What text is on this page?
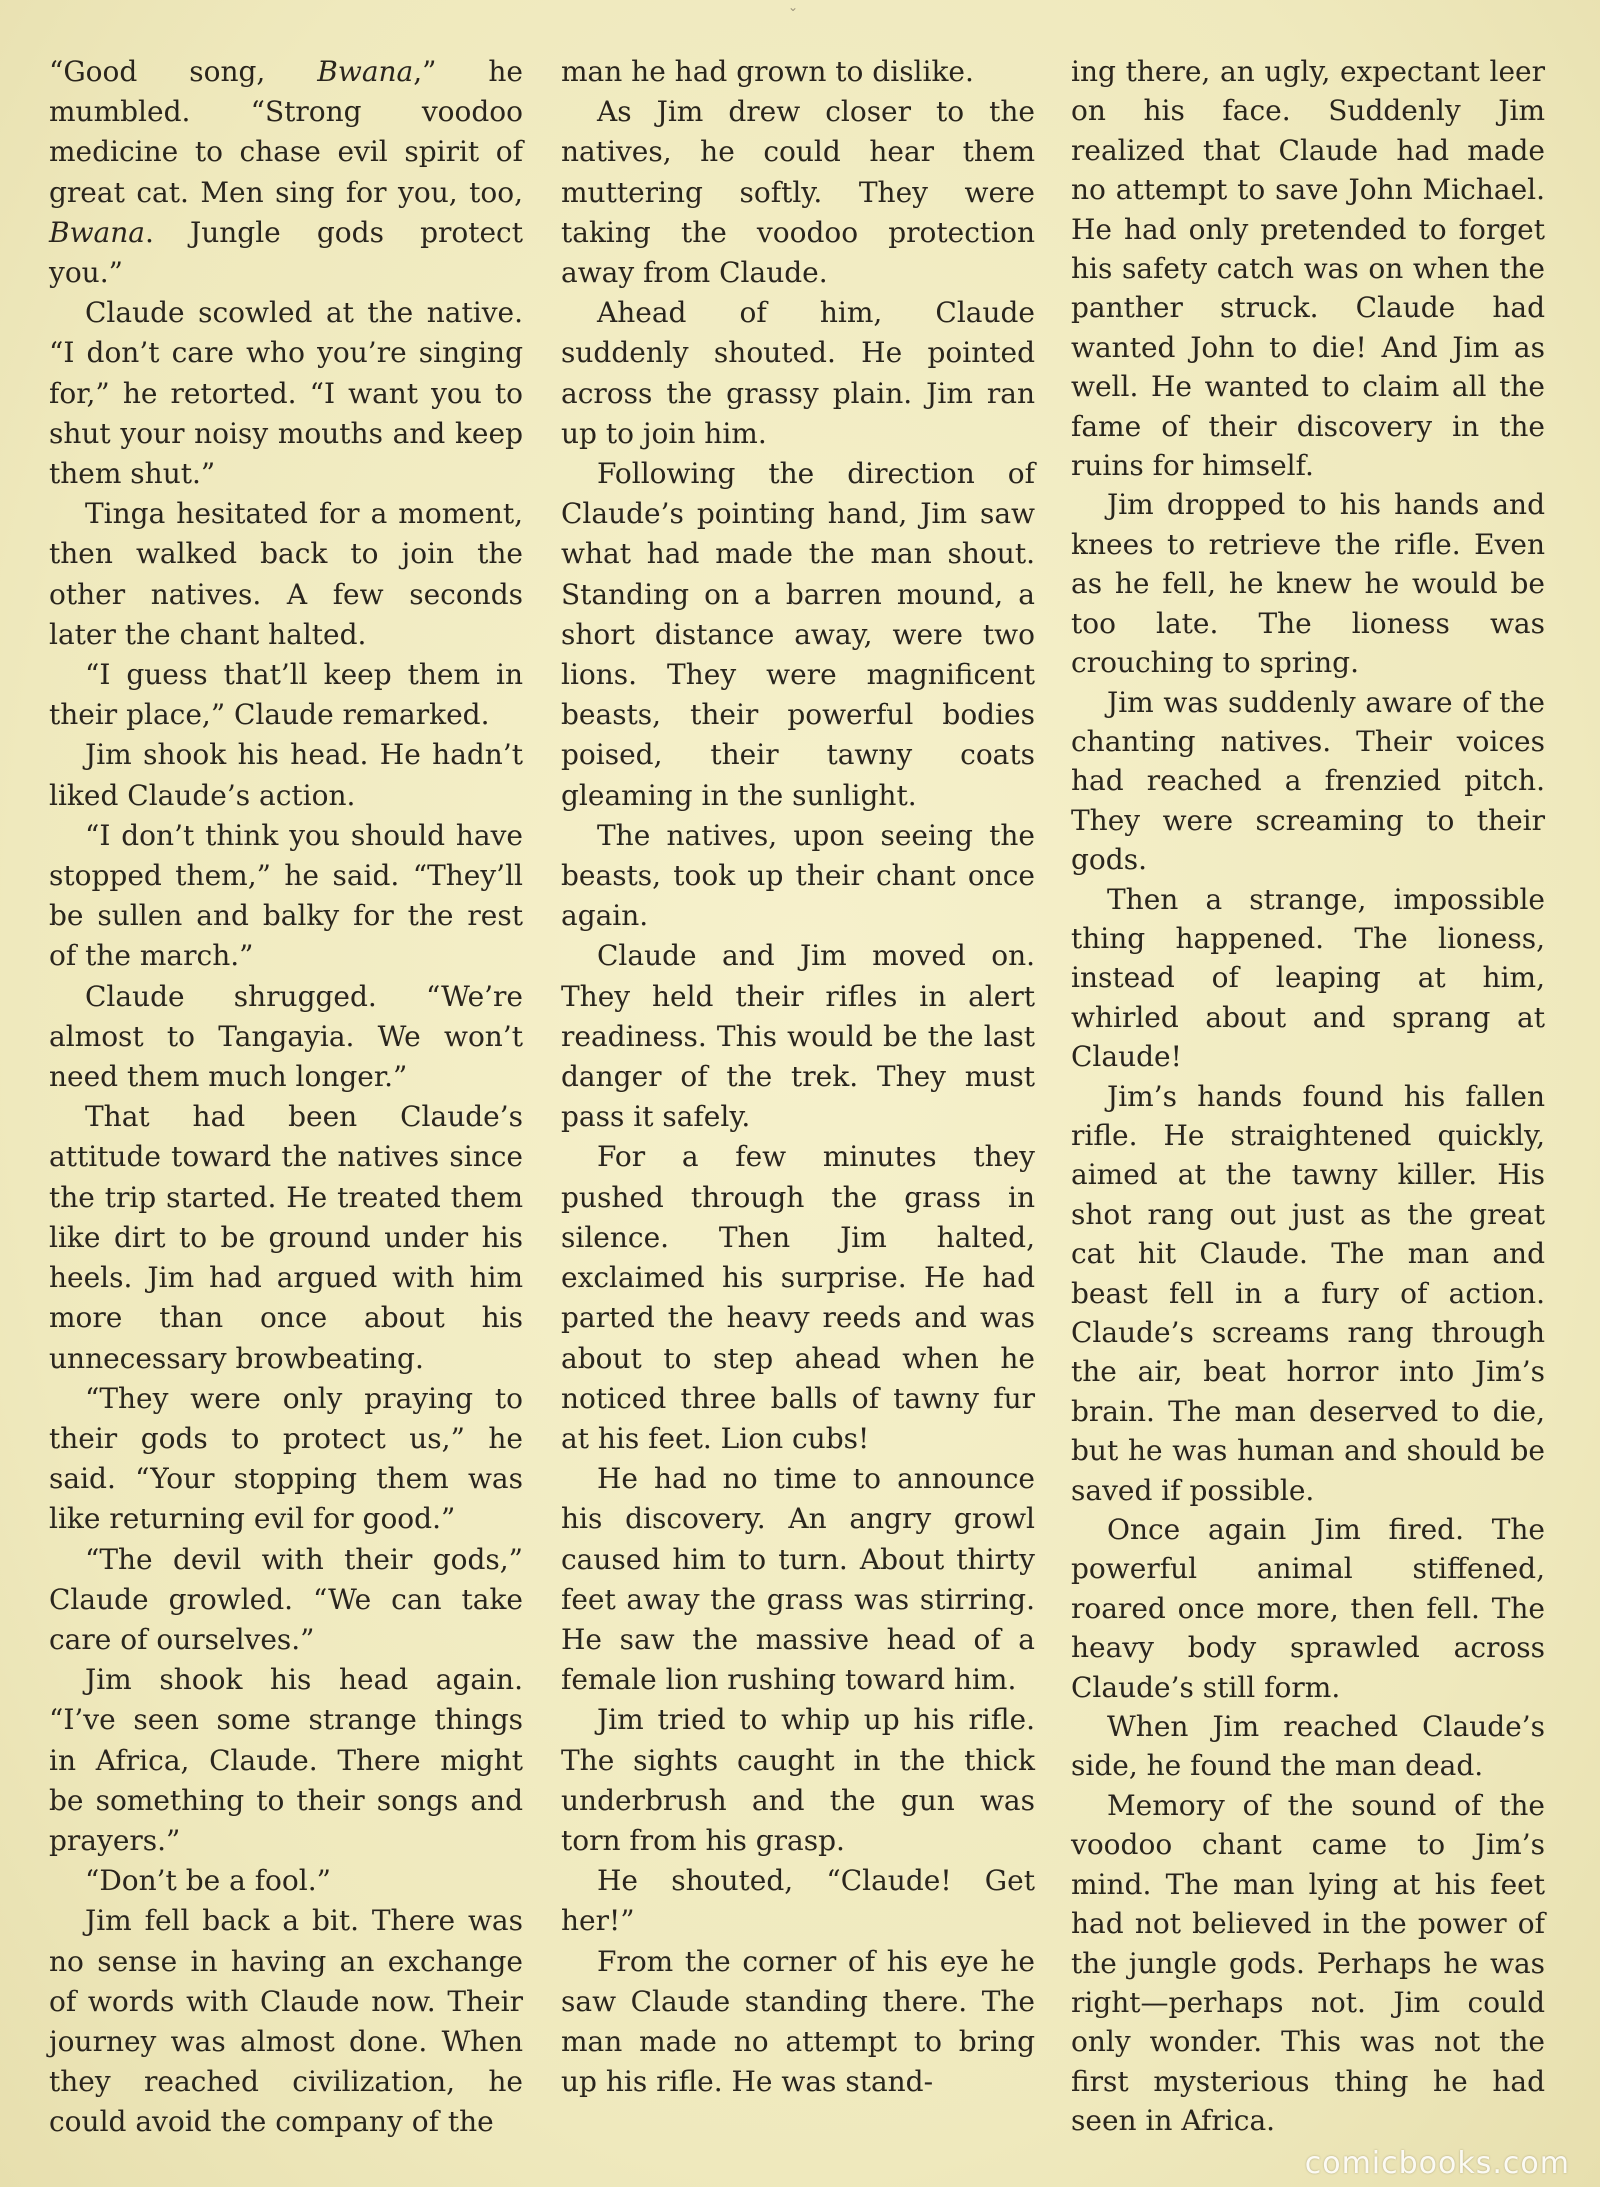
⌄

“Good song, Bwana,” he mumbled. “Strong voodoo medicine to chase evil spirit of great cat. Men sing for you, too, Bwana. Jungle gods protect you.”

Claude scowled at the native. “I don’t care who you’re singing for,” he retorted. “I want you to shut your noisy mouths and keep them shut.”

Tinga hesitated for a moment, then walked back to join the other natives. A few seconds later the chant halted.

“I guess that’ll keep them in their place,” Claude remarked.

Jim shook his head. He hadn’t liked Claude’s action.

“I don’t think you should have stopped them,” he said. “They’ll be sullen and balky for the rest of the march.”

Claude shrugged. “We’re almost to Tangayia. We won’t need them much longer.”

That had been Claude’s attitude toward the natives since the trip started. He treated them like dirt to be ground under his heels. Jim had argued with him more than once about his unnecessary browbeating.

“They were only praying to their gods to protect us,” he said. “Your stopping them was like returning evil for good.”

“The devil with their gods,” Claude growled. “We can take care of ourselves.”

Jim shook his head again. “I’ve seen some strange things in Africa, Claude. There might be something to their songs and prayers.”

“Don’t be a fool.”

Jim fell back a bit. There was no sense in having an exchange of words with Claude now. Their journey was almost done. When they reached civilization, he could avoid the company of the

man he had grown to dislike.

As Jim drew closer to the natives, he could hear them muttering softly. They were taking the voodoo protection away from Claude.

Ahead of him, Claude suddenly shouted. He pointed across the grassy plain. Jim ran up to join him.

Following the direction of Claude’s pointing hand, Jim saw what had made the man shout. Standing on a barren mound, a short distance away, were two lions. They were magnificent beasts, their powerful bodies poised, their tawny coats gleaming in the sunlight.

The natives, upon seeing the beasts, took up their chant once again.

Claude and Jim moved on. They held their rifles in alert readiness. This would be the last danger of the trek. They must pass it safely.

For a few minutes they pushed through the grass in silence. Then Jim halted, exclaimed his surprise. He had parted the heavy reeds and was about to step ahead when he noticed three balls of tawny fur at his feet. Lion cubs!

He had no time to announce his discovery. An angry growl caused him to turn. About thirty feet away the grass was stirring. He saw the massive head of a female lion rushing toward him.

Jim tried to whip up his rifle. The sights caught in the thick underbrush and the gun was torn from his grasp.

He shouted, “Claude! Get her!”

From the corner of his eye he saw Claude standing there. The man made no attempt to bring up his rifle. He was stand-

ing there, an ugly, expectant leer on his face. Suddenly Jim realized that Claude had made no attempt to save John Michael. He had only pretended to forget his safety catch was on when the panther struck. Claude had wanted John to die! And Jim as well. He wanted to claim all the fame of their discovery in the ruins for himself.

Jim dropped to his hands and knees to retrieve the rifle. Even as he fell, he knew he would be too late. The lioness was crouching to spring.

Jim was suddenly aware of the chanting natives. Their voices had reached a frenzied pitch. They were screaming to their gods.

Then a strange, impossible thing happened. The lioness, instead of leaping at him, whirled about and sprang at Claude!

Jim’s hands found his fallen rifle. He straightened quickly, aimed at the tawny killer. His shot rang out just as the great cat hit Claude. The man and beast fell in a fury of action. Claude’s screams rang through the air, beat horror into Jim’s brain. The man deserved to die, but he was human and should be saved if possible.

Once again Jim fired. The powerful animal stiffened, roared once more, then fell. The heavy body sprawled across Claude’s still form.

When Jim reached Claude’s side, he found the man dead.

Memory of the sound of the voodoo chant came to Jim’s mind. The man lying at his feet had not believed in the power of the jungle gods. Perhaps he was right—perhaps not. Jim could only wonder. This was not the first mysterious thing he had seen in Africa.

comicbooks.com
